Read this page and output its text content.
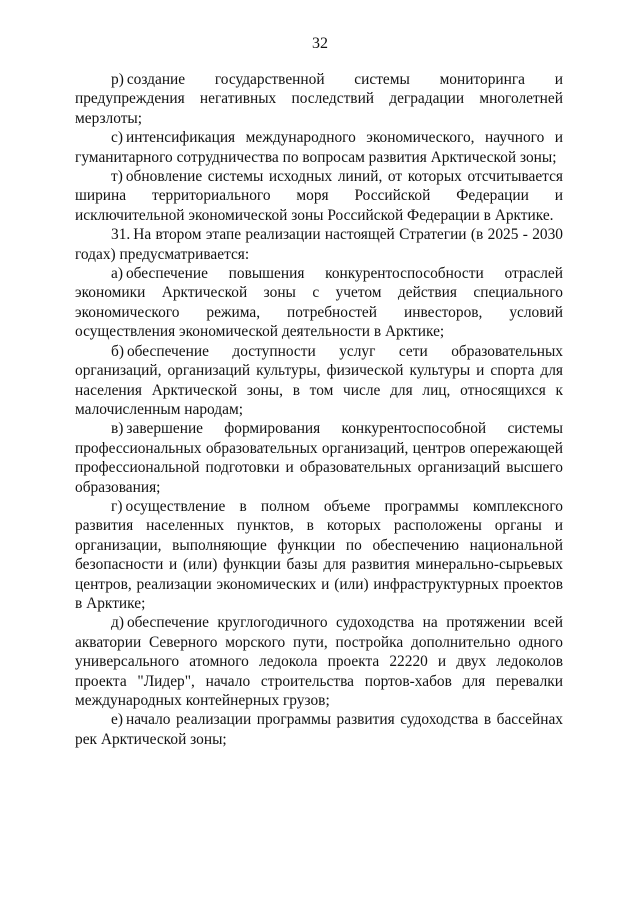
32

р) создание государственной системы мониторинга и предупреждения негативных последствий деградации многолетней мерзлоты;

с) интенсификация международного экономического, научного и гуманитарного сотрудничества по вопросам развития Арктической зоны;

т) обновление системы исходных линий, от которых отсчитывается ширина территориального моря Российской Федерации и исключительной экономической зоны Российской Федерации в Арктике.

31. На втором этапе реализации настоящей Стратегии (в 2025 - 2030 годах) предусматривается:

а) обеспечение повышения конкурентоспособности отраслей экономики Арктической зоны с учетом действия специального экономического режима, потребностей инвесторов, условий осуществления экономической деятельности в Арктике;

б) обеспечение доступности услуг сети образовательных организаций, организаций культуры, физической культуры и спорта для населения Арктической зоны, в том числе для лиц, относящихся к малочисленным народам;

в) завершение формирования конкурентоспособной системы профессиональных образовательных организаций, центров опережающей профессиональной подготовки и образовательных организаций высшего образования;

г) осуществление в полном объеме программы комплексного развития населенных пунктов, в которых расположены органы и организации, выполняющие функции по обеспечению национальной безопасности и (или) функции базы для развития минерально-сырьевых центров, реализации экономических и (или) инфраструктурных проектов в Арктике;

д) обеспечение круглогодичного судоходства на протяжении всей акватории Северного морского пути, постройка дополнительно одного универсального атомного ледокола проекта 22220 и двух ледоколов проекта "Лидер", начало строительства портов-хабов для перевалки международных контейнерных грузов;

е) начало реализации программы развития судоходства в бассейнах рек Арктической зоны;
